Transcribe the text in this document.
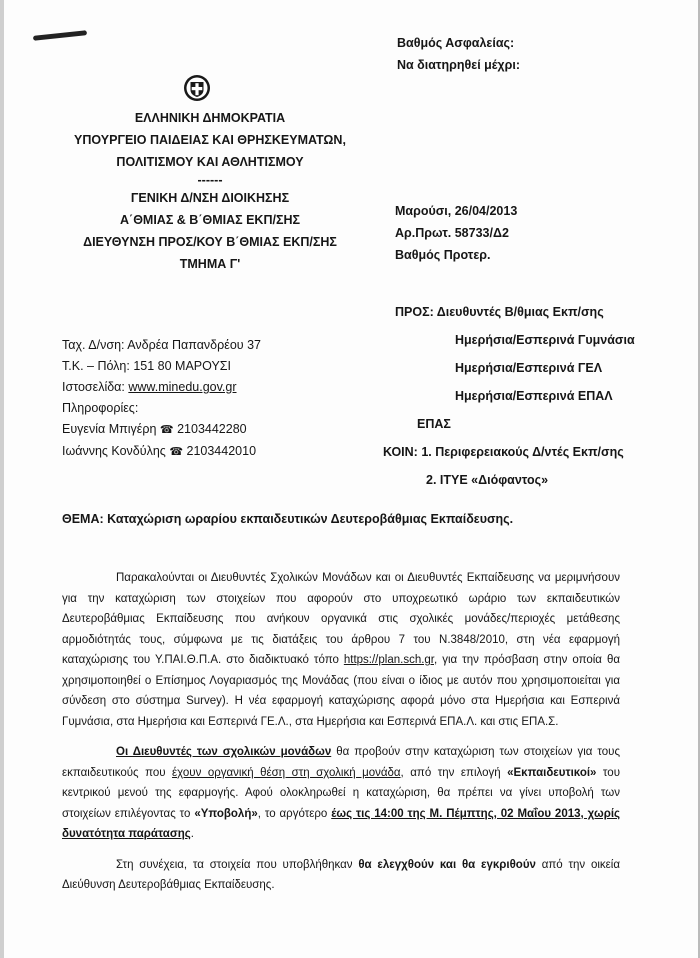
Βαθμός Ασφαλείας:
Να διατηρηθεί μέχρι:
ΕΛΛΗΝΙΚΗ ΔΗΜΟΚΡΑΤΙΑ
ΥΠΟΥΡΓΕΙΟ ΠΑΙΔΕΙΑΣ ΚΑΙ ΘΡΗΣΚΕΥΜΑΤΩΝ,
ΠΟΛΙΤΙΣΜΟΥ ΚΑΙ ΑΘΛΗΤΙΣΜΟΥ
------
ΓΕΝΙΚΗ Δ/ΝΣΗ ΔΙΟΙΚΗΣΗΣ
Α΄ΘΜΙΑΣ & Β΄ΘΜΙΑΣ ΕΚΠ/ΣΗΣ
ΔΙΕΥΘΥΝΣΗ ΠΡΟΣ/ΚΟΥ Β΄ΘΜΙΑΣ ΕΚΠ/ΣΗΣ
ΤΜΗΜΑ Γ'
Μαρούσι, 26/04/2013
Αρ.Πρωτ. 58733/Δ2
Βαθμός Προτερ.
ΠΡΟΣ: Διευθυντές Β/θμιας Εκπ/σης
Ημερήσια/Εσπερινά Γυμνάσια
Ημερήσια/Εσπερινά ΓΕΛ
Ημερήσια/Εσπερινά ΕΠΑΛ
ΕΠΑΣ
ΚΟΙΝ: 1. Περιφερειακούς Δ/ντές Εκπ/σης
2. ΙΤΥΕ «Διόφαντος»
Ταχ. Δ/νση: Ανδρέα Παπανδρέου 37
Τ.Κ. – Πόλη: 151 80 ΜΑΡΟΥΣΙ
Ιστοσελίδα: www.minedu.gov.gr
Πληροφορίες:
Ευγενία Μπιγέρη ☎ 2103442280
Ιωάννης Κονδύλης ☎ 2103442010
ΘΕΜΑ: Καταχώριση ωραρίου εκπαιδευτικών Δευτεροβάθμιας Εκπαίδευσης.

Παρακαλούνται οι Διευθυντές Σχολικών Μονάδων και οι Διευθυντές Εκπαίδευσης να μεριμνήσουν για την καταχώριση των στοιχείων που αφορούν στο υποχρεωτικό ωράριο των εκπαιδευτικών Δευτεροβάθμιας Εκπαίδευσης που ανήκουν οργανικά στις σχολικές μονάδες/περιοχές μετάθεσης αρμοδιότητάς τους, σύμφωνα με τις διατάξεις του άρθρου 7 του Ν.3848/2010, στη νέα εφαρμογή καταχώρισης του Υ.ΠΑΙ.Θ.Π.Α. στο διαδικτυακό τόπο https://plan.sch.gr, για την πρόσβαση στην οποία θα χρησιμοποιηθεί ο Επίσημος Λογαριασμός της Μονάδας (που είναι ο ίδιος με αυτόν που χρησιμοποιείται για σύνδεση στο σύστημα Survey). Η νέα εφαρμογή καταχώρισης αφορά μόνο στα Ημερήσια και Εσπερινά Γυμνάσια, στα Ημερήσια και Εσπερινά ΓΕ.Λ., στα Ημερήσια και Εσπερινά ΕΠΑ.Λ. και στις ΕΠΑ.Σ.

Οι Διευθυντές των σχολικών μονάδων θα προβούν στην καταχώριση των στοιχείων για τους εκπαιδευτικούς που έχουν οργανική θέση στη σχολική μονάδα, από την επιλογή «Εκπαιδευτικοί» του κεντρικού μενού της εφαρμογής. Αφού ολοκληρωθεί η καταχώριση, θα πρέπει να γίνει υποβολή των στοιχείων επιλέγοντας το «Υποβολή», το αργότερο έως τις 14:00 της Μ. Πέμπτης, 02 Μαΐου 2013, χωρίς δυνατότητα παράτασης.

Στη συνέχεια, τα στοιχεία που υποβλήθηκαν θα ελεγχθούν και θα εγκριθούν από την οικεία Διεύθυνση Δευτεροβάθμιας Εκπαίδευσης.
